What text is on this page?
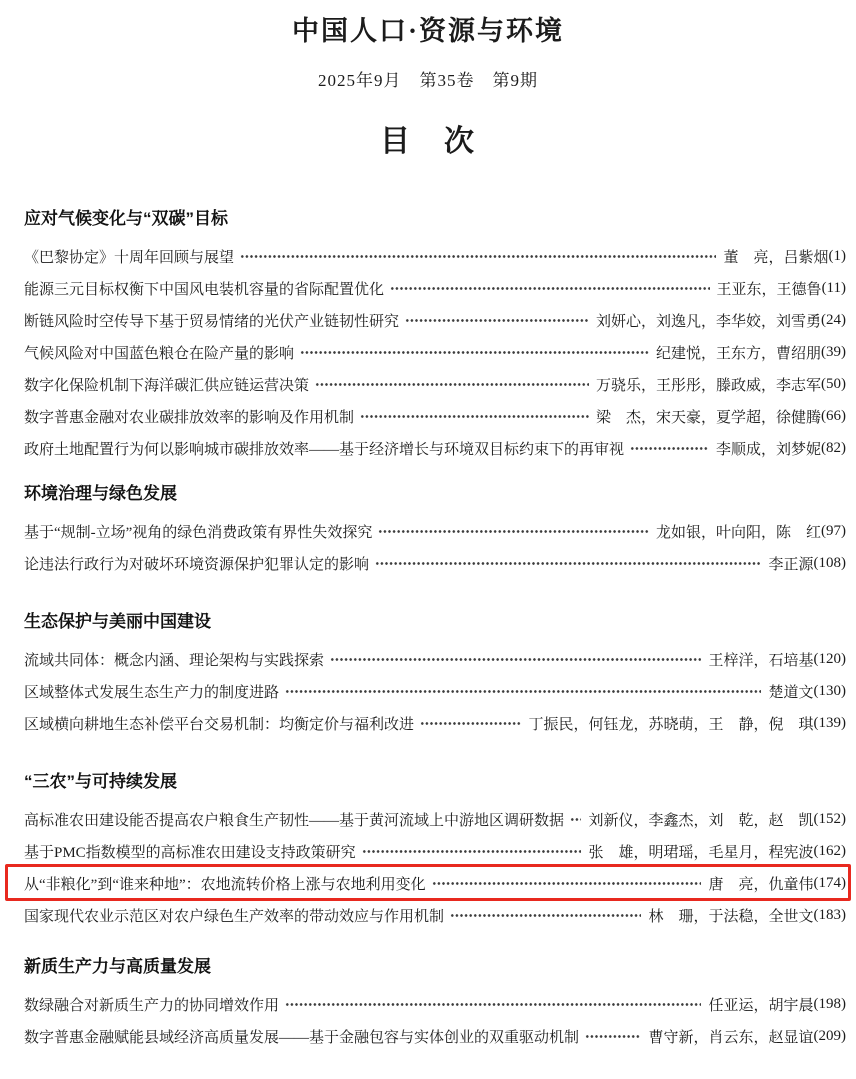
中国人口·资源与环境
2025年9月　第35卷　第9期
目　次
应对气候变化与“双碳”目标
《巴黎协定》十周年回顾与展望	董　亮，吕紫烟 (1)
能源三元目标权衡下中国风电装机容量的省际配置优化	王亚东，王德鲁 (11)
断链风险时空传导下基于贸易情绪的光伏产业链韧性研究	刘妍心，刘逸凡，李华姣，刘雪勇 (24)
气候风险对中国蓝色粮仓在险产量的影响	纪建悦，王东方，曹绍朋 (39)
数字化保险机制下海洋碳汇供应链运营决策	万骁乐，王彤彤，滕政威，李志军 (50)
数字普惠金融对农业碳排放效率的影响及作用机制	梁　杰，宋天豪，夏学超，徐健腾 (66)
政府土地配置行为何以影响城市碳排放效率——基于经济增长与环境双目标约束下的再审视	李顺成，刘梦妮 (82)
环境治理与绿色发展
基于“规制-立场”视角的绿色消费政策有界性失效探究	龙如银，叶向阳，陈　红 (97)
论违法行政行为对破坏环境资源保护犯罪认定的影响	李正源 (108)
生态保护与美丽中国建设
流域共同体：概念内涵、理论架构与实践探索	王梓洋，石培基 (120)
区域整体式发展生态生产力的制度进路	楚道文 (130)
区域横向耕地生态补偿平台交易机制：均衡定价与福利改进	丁振民，何钰龙，苏晓萌，王　静，倪　琪 (139)
“三农”与可持续发展
高标准农田建设能否提高农户粮食生产韧性——基于黄河流域上中游地区调研数据 刘新仪，李鑫杰，刘　乾，赵　凯 (152)
基于PMC指数模型的高标准农田建设支持政策研究	张　雄，明珺瑶，毛星月，程宪波 (162)
从“非粮化”到“谁来种地”：农地流转价格上涨与农地利用变化	唐　亮，仇童伟 (174)
国家现代农业示范区对农户绿色生产效率的带动效应与作用机制	林　珊，于法稳，全世文 (183)
新质生产力与高质量发展
数绿融合对新质生产力的协同增效作用	任亚运，胡宇晨 (198)
数字普惠金融赋能县域经济高质量发展——基于金融包容与实体创业的双重驱动机制	曹守新，肖云东，赵显谊 (209)
